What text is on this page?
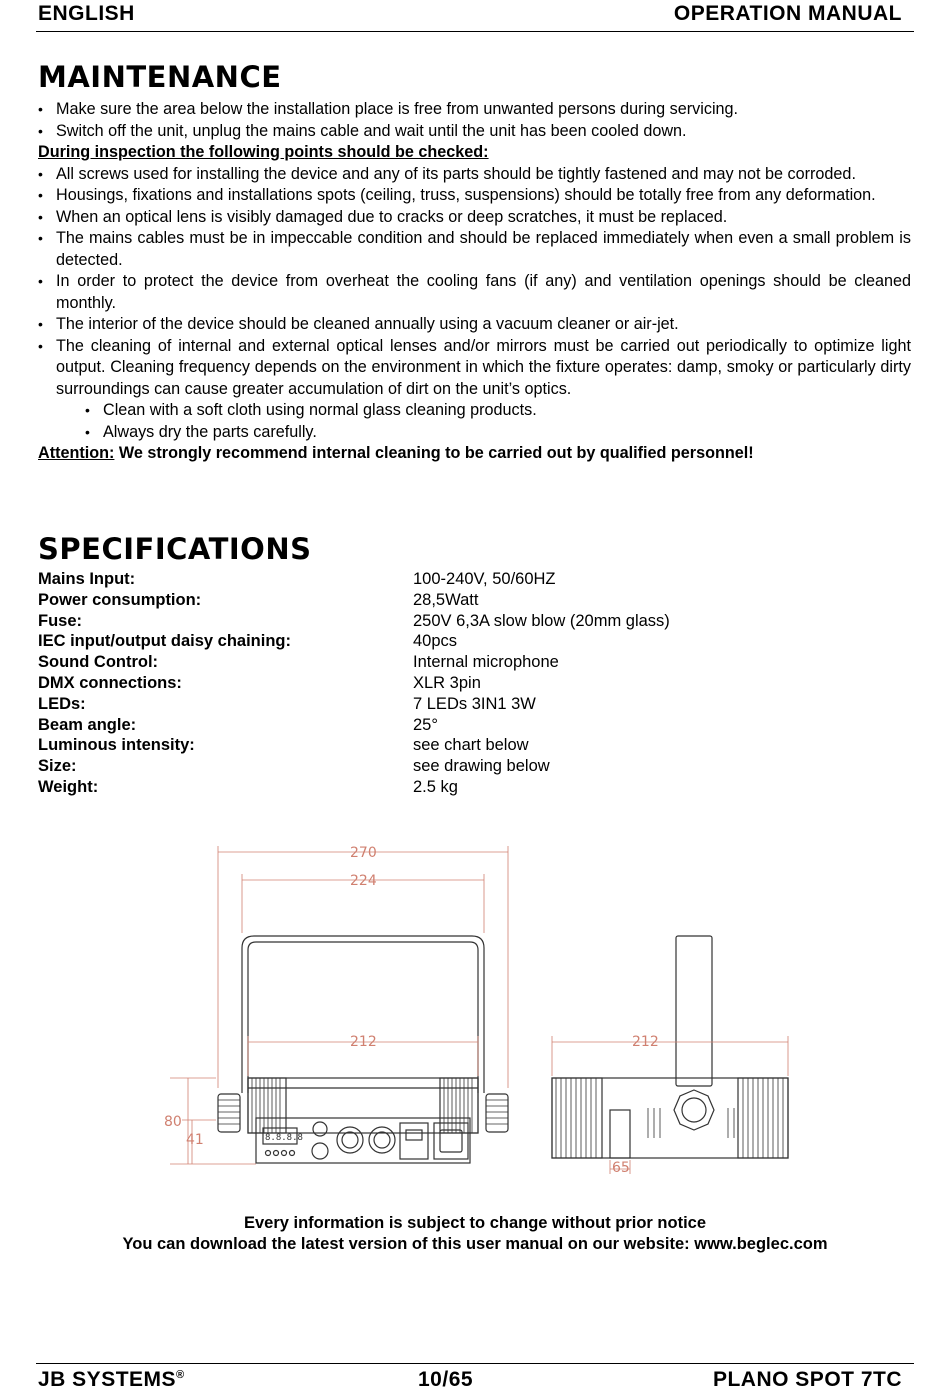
ENGLISH	OPERATION MANUAL
MAINTENANCE
• Make sure the area below the installation place is free from unwanted persons during servicing.
• Switch off the unit, unplug the mains cable and wait until the unit has been cooled down.
During inspection the following points should be checked:
• All screws used for installing the device and any of its parts should be tightly fastened and may not be corroded.
• Housings, fixations and installations spots (ceiling, truss, suspensions) should be totally free from any deformation.
• When an optical lens is visibly damaged due to cracks or deep scratches, it must be replaced.
• The mains cables must be in impeccable condition and should be replaced immediately when even a small problem is detected.
• In order to protect the device from overheat the cooling fans (if any) and ventilation openings should be cleaned monthly.
• The interior of the device should be cleaned annually using a vacuum cleaner or air-jet.
• The cleaning of internal and external optical lenses and/or mirrors must be carried out periodically to optimize light output. Cleaning frequency depends on the environment in which the fixture operates: damp, smoky or particularly dirty surroundings can cause greater accumulation of dirt on the unit’s optics.
• Clean with a soft cloth using normal glass cleaning products.
• Always dry the parts carefully.
Attention: We strongly recommend internal cleaning to be carried out by qualified personnel!
SPECIFICATIONS
Mains Input:	100-240V, 50/60HZ
Power consumption:	28,5Watt
Fuse:	250V 6,3A slow blow (20mm glass)
IEC input/output daisy chaining:	40pcs
Sound Control:	Internal microphone
DMX connections:	XLR 3pin
LEDs:	7 LEDs 3IN1 3W
Beam angle:	25°
Luminous intensity:	see chart below
Size:	see drawing below
Weight:	2.5 kg
270
224
212	212
80
41
65
8.8.8.8
Every information is subject to change without prior notice
You can download the latest version of this user manual on our website: www.beglec.com
JB SYSTEMS®	10/65	PLANO SPOT 7TC
